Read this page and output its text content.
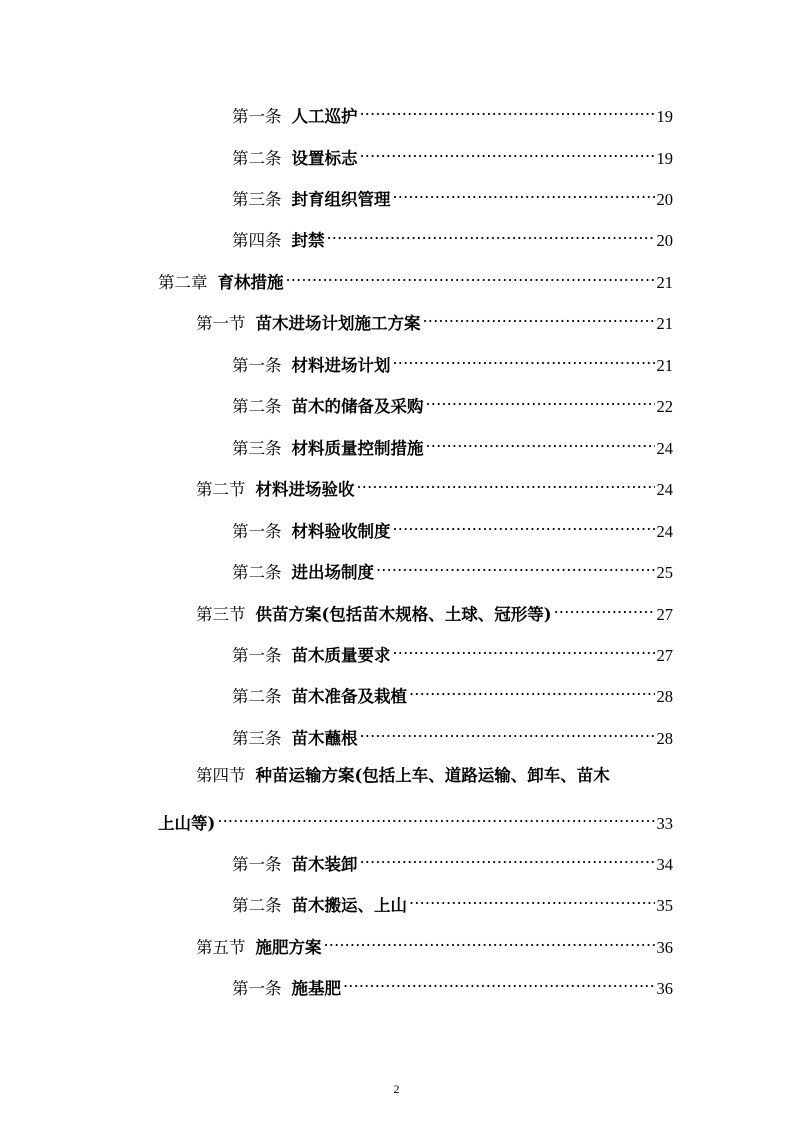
第一条 人工巡护 .....	19
第二条 设置标志 .....	19
第三条 封育组织管理 .....	20
第四条 封禁 .....	20
第二章 育林措施 .....	21
第一节 苗木进场计划施工方案 .....	21
第一条 材料进场计划 .....	21
第二条 苗木的储备及采购 .....	22
第三条 材料质量控制措施 .....	24
第二节 材料进场验收 .....	24
第一条 材料验收制度 .....	24
第二条 进出场制度 .....	25
第三节 供苗方案(包括苗木规格、土球、冠形等) .....	27
第一条 苗木质量要求 .....	27
第二条 苗木准备及栽植 .....	28
第三条 苗木蘸根 .....	28
第四节 种苗运输方案(包括上车、道路运输、卸车、苗木
上山等) .....	33
第一条 苗木装卸 .....	34
第二条 苗木搬运、上山 .....	35
第五节 施肥方案 .....	36
第一条 施基肥 .....	36
2
